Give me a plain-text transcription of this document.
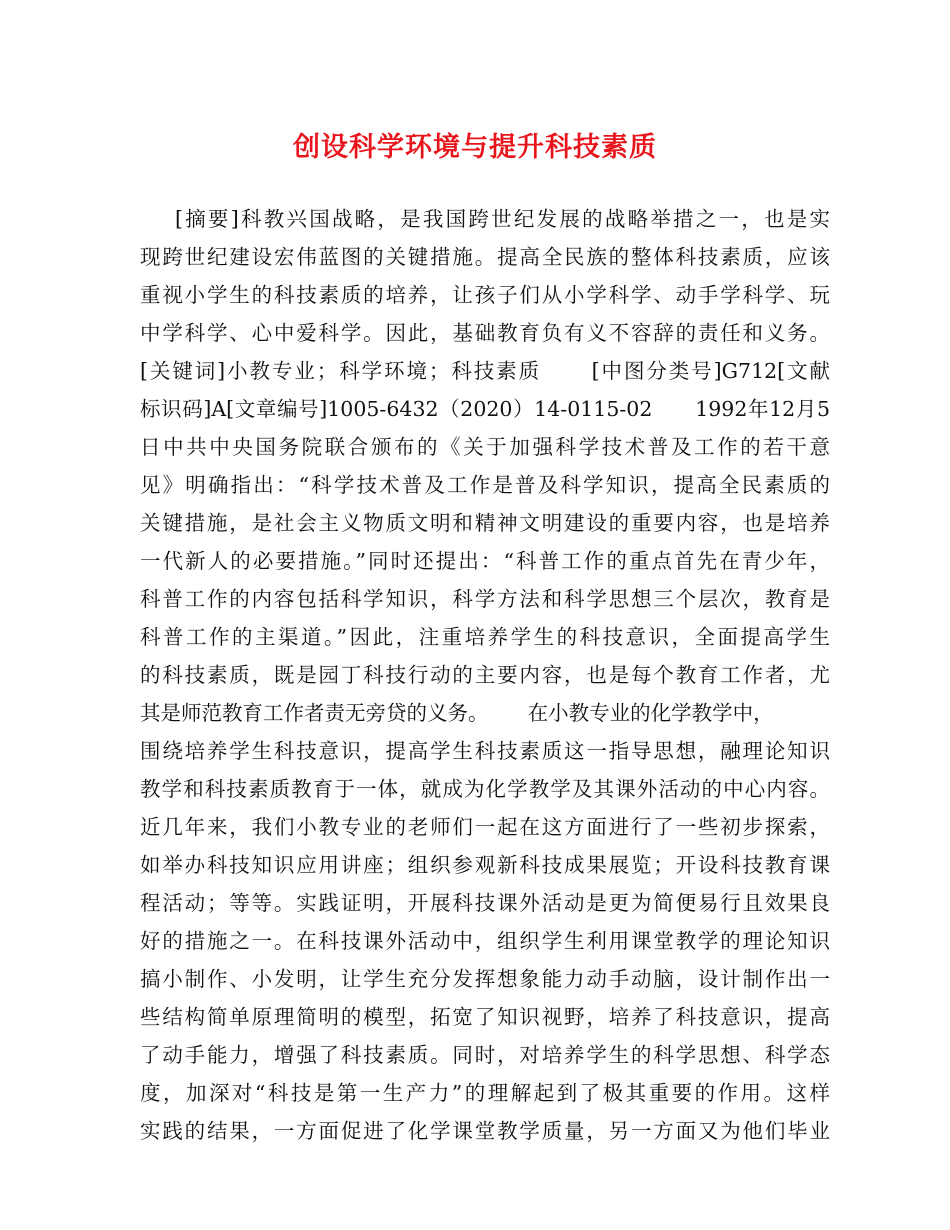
创设科学环境与提升科技素质
[摘要]科教兴国战略，是我国跨世纪发展的战略举措之一，也是实
现跨世纪建设宏伟蓝图的关键措施。提高全民族的整体科技素质，应该
重视小学生的科技素质的培养，让孩子们从小学科学、动手学科学、玩
中学科学、心中爱科学。因此，基础教育负有义不容辞的责任和义务。
[关键词]小教专业；科学环境；科技素质      [中图分类号]G712[文献
标识码]A[文章编号]1005-6432（2020）14-0115-02      1992年12月5
日中共中央国务院联合颁布的《关于加强科学技术普及工作的若干意
见》明确指出：“科学技术普及工作是普及科学知识，提高全民素质的
关键措施，是社会主义物质文明和精神文明建设的重要内容，也是培养
一代新人的必要措施。”同时还提出：“科普工作的重点首先在青少年，
科普工作的内容包括科学知识，科学方法和科学思想三个层次，教育是
科普工作的主渠道。”因此，注重培养学生的科技意识，全面提高学生
的科技素质，既是园丁科技行动的主要内容，也是每个教育工作者，尤
其是师范教育工作者责无旁贷的义务。      在小教专业的化学教学中，
围绕培养学生科技意识，提高学生科技素质这一指导思想，融理论知识
教学和科技素质教育于一体，就成为化学教学及其课外活动的中心内容。
近几年来，我们小教专业的老师们一起在这方面进行了一些初步探索，
如举办科技知识应用讲座；组织参观新科技成果展览；开设科技教育课
程活动；等等。实践证明，开展科技课外活动是更为简便易行且效果良
好的措施之一。在科技课外活动中，组织学生利用课堂教学的理论知识
搞小制作、小发明，让学生充分发挥想象能力动手动脑，设计制作出一
些结构简单原理简明的模型，拓宽了知识视野，培养了科技意识，提高
了动手能力，增强了科技素质。同时，对培养学生的科学思想、科学态
度，加深对“科技是第一生产力”的理解起到了极其重要的作用。这样
实践的结果，一方面促进了化学课堂教学质量，另一方面又为他们毕业
